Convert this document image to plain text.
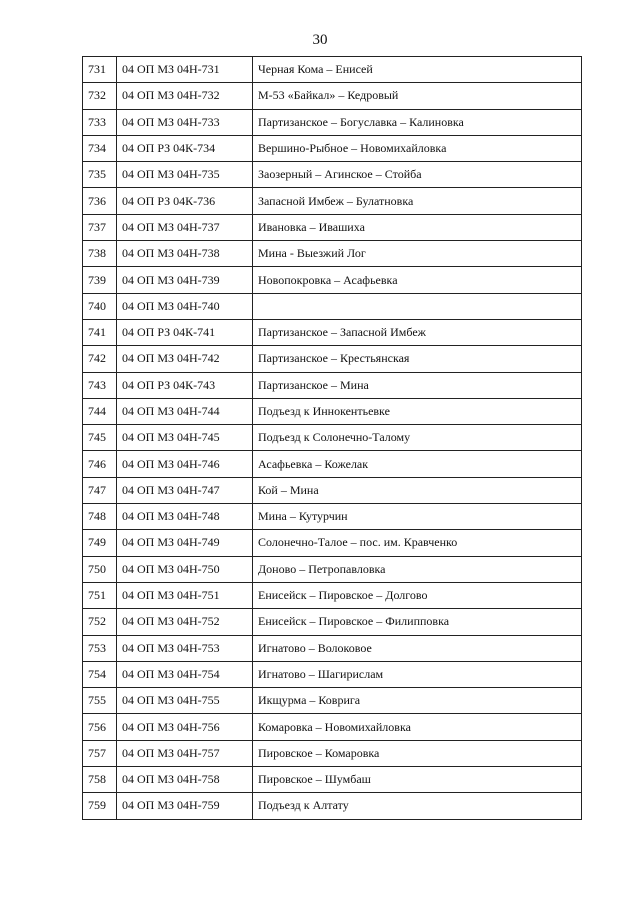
30
731	04 ОП МЗ 04Н-731	Черная Кома – Енисей
732	04 ОП МЗ 04Н-732	М-53 «Байкал» – Кедровый
733	04 ОП МЗ 04Н-733	Партизанское – Богуславка – Калиновка
734	04 ОП РЗ 04К-734	Вершино-Рыбное – Новомихайловка
735	04 ОП МЗ 04Н-735	Заозерный – Агинское – Стойба
736	04 ОП РЗ 04К-736	Запасной Имбеж – Булатновка
737	04 ОП МЗ 04Н-737	Ивановка – Ивашиха
738	04 ОП МЗ 04Н-738	Мина - Выезжий Лог
739	04 ОП МЗ 04Н-739	Новопокровка – Асафьевка
740	04 ОП МЗ 04Н-740	
741	04 ОП РЗ 04К-741	Партизанское – Запасной Имбеж
742	04 ОП МЗ 04Н-742	Партизанское – Крестьянская
743	04 ОП РЗ 04К-743	Партизанское – Мина
744	04 ОП МЗ 04Н-744	Подъезд к Иннокентьевке
745	04 ОП МЗ 04Н-745	Подъезд к Солонечно-Талому
746	04 ОП МЗ 04Н-746	Асафьевка – Кожелак
747	04 ОП МЗ 04Н-747	Кой – Мина
748	04 ОП МЗ 04Н-748	Мина – Кутурчин
749	04 ОП МЗ 04Н-749	Солонечно-Талое – пос. им. Кравченко
750	04 ОП МЗ 04Н-750	Доново – Петропавловка
751	04 ОП МЗ 04Н-751	Енисейск – Пировское – Долгово
752	04 ОП МЗ 04Н-752	Енисейск – Пировское – Филипповка
753	04 ОП МЗ 04Н-753	Игнатово – Волоковое
754	04 ОП МЗ 04Н-754	Игнатово – Шагирислам
755	04 ОП МЗ 04Н-755	Икщурма – Коврига
756	04 ОП МЗ 04Н-756	Комаровка – Новомихайловка
757	04 ОП МЗ 04Н-757	Пировское – Комаровка
758	04 ОП МЗ 04Н-758	Пировское – Шумбаш
759	04 ОП МЗ 04Н-759	Подъезд к Алтату
